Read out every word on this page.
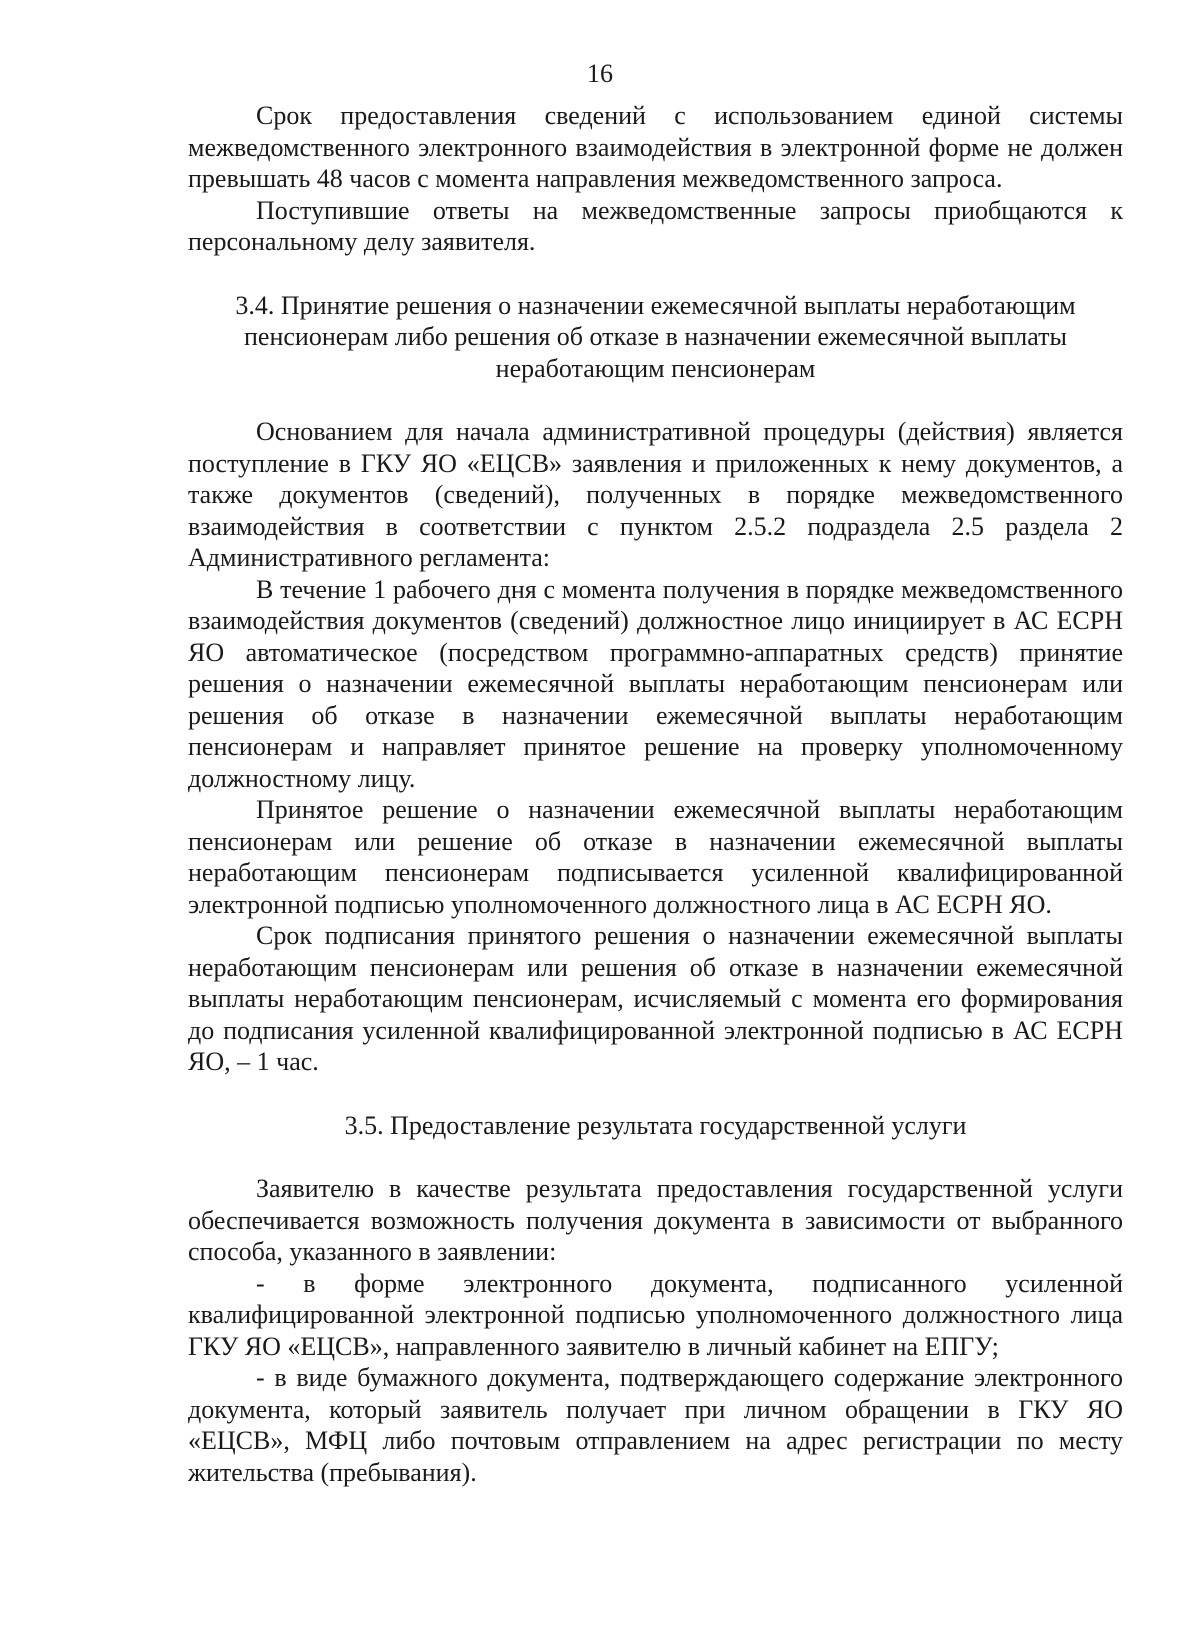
16

Срок предоставления сведений с использованием единой системы межведомственного электронного взаимодействия в электронной форме не должен превышать 48 часов с момента направления межведомственного запроса.

Поступившие ответы на межведомственные запросы приобщаются к персональному делу заявителя.

3.4. Принятие решения о назначении ежемесячной выплаты неработающим пенсионерам либо решения об отказе в назначении ежемесячной выплаты неработающим пенсионерам

Основанием для начала административной процедуры (действия) является поступление в ГКУ ЯО «ЕЦСВ» заявления и приложенных к нему документов, а также документов (сведений), полученных в порядке межведомственного взаимодействия в соответствии с пунктом 2.5.2 подраздела 2.5 раздела 2 Административного регламента:

В течение 1 рабочего дня с момента получения в порядке межведомственного взаимодействия документов (сведений) должностное лицо инициирует в АС ЕСРН ЯО автоматическое (посредством программно-аппаратных средств) принятие решения о назначении ежемесячной выплаты неработающим пенсионерам или решения об отказе в назначении ежемесячной выплаты неработающим пенсионерам и направляет принятое решение на проверку уполномоченному должностному лицу.

Принятое решение о назначении ежемесячной выплаты неработающим пенсионерам или решение об отказе в назначении ежемесячной выплаты неработающим пенсионерам подписывается усиленной квалифицированной электронной подписью уполномоченного должностного лица в АС ЕСРН ЯО.

Срок подписания принятого решения о назначении ежемесячной выплаты неработающим пенсионерам или решения об отказе в назначении ежемесячной выплаты неработающим пенсионерам, исчисляемый с момента его формирования до подписания усиленной квалифицированной электронной подписью в АС ЕСРН ЯО, – 1 час.

3.5. Предоставление результата государственной услуги

Заявителю в качестве результата предоставления государственной услуги обеспечивается возможность получения документа в зависимости от выбранного способа, указанного в заявлении:

- в форме электронного документа, подписанного усиленной квалифицированной электронной подписью уполномоченного должностного лица ГКУ ЯО «ЕЦСВ», направленного заявителю в личный кабинет на ЕПГУ;

- в виде бумажного документа, подтверждающего содержание электронного документа, который заявитель получает при личном обращении в ГКУ ЯО «ЕЦСВ», МФЦ либо почтовым отправлением на адрес регистрации по месту жительства (пребывания).
